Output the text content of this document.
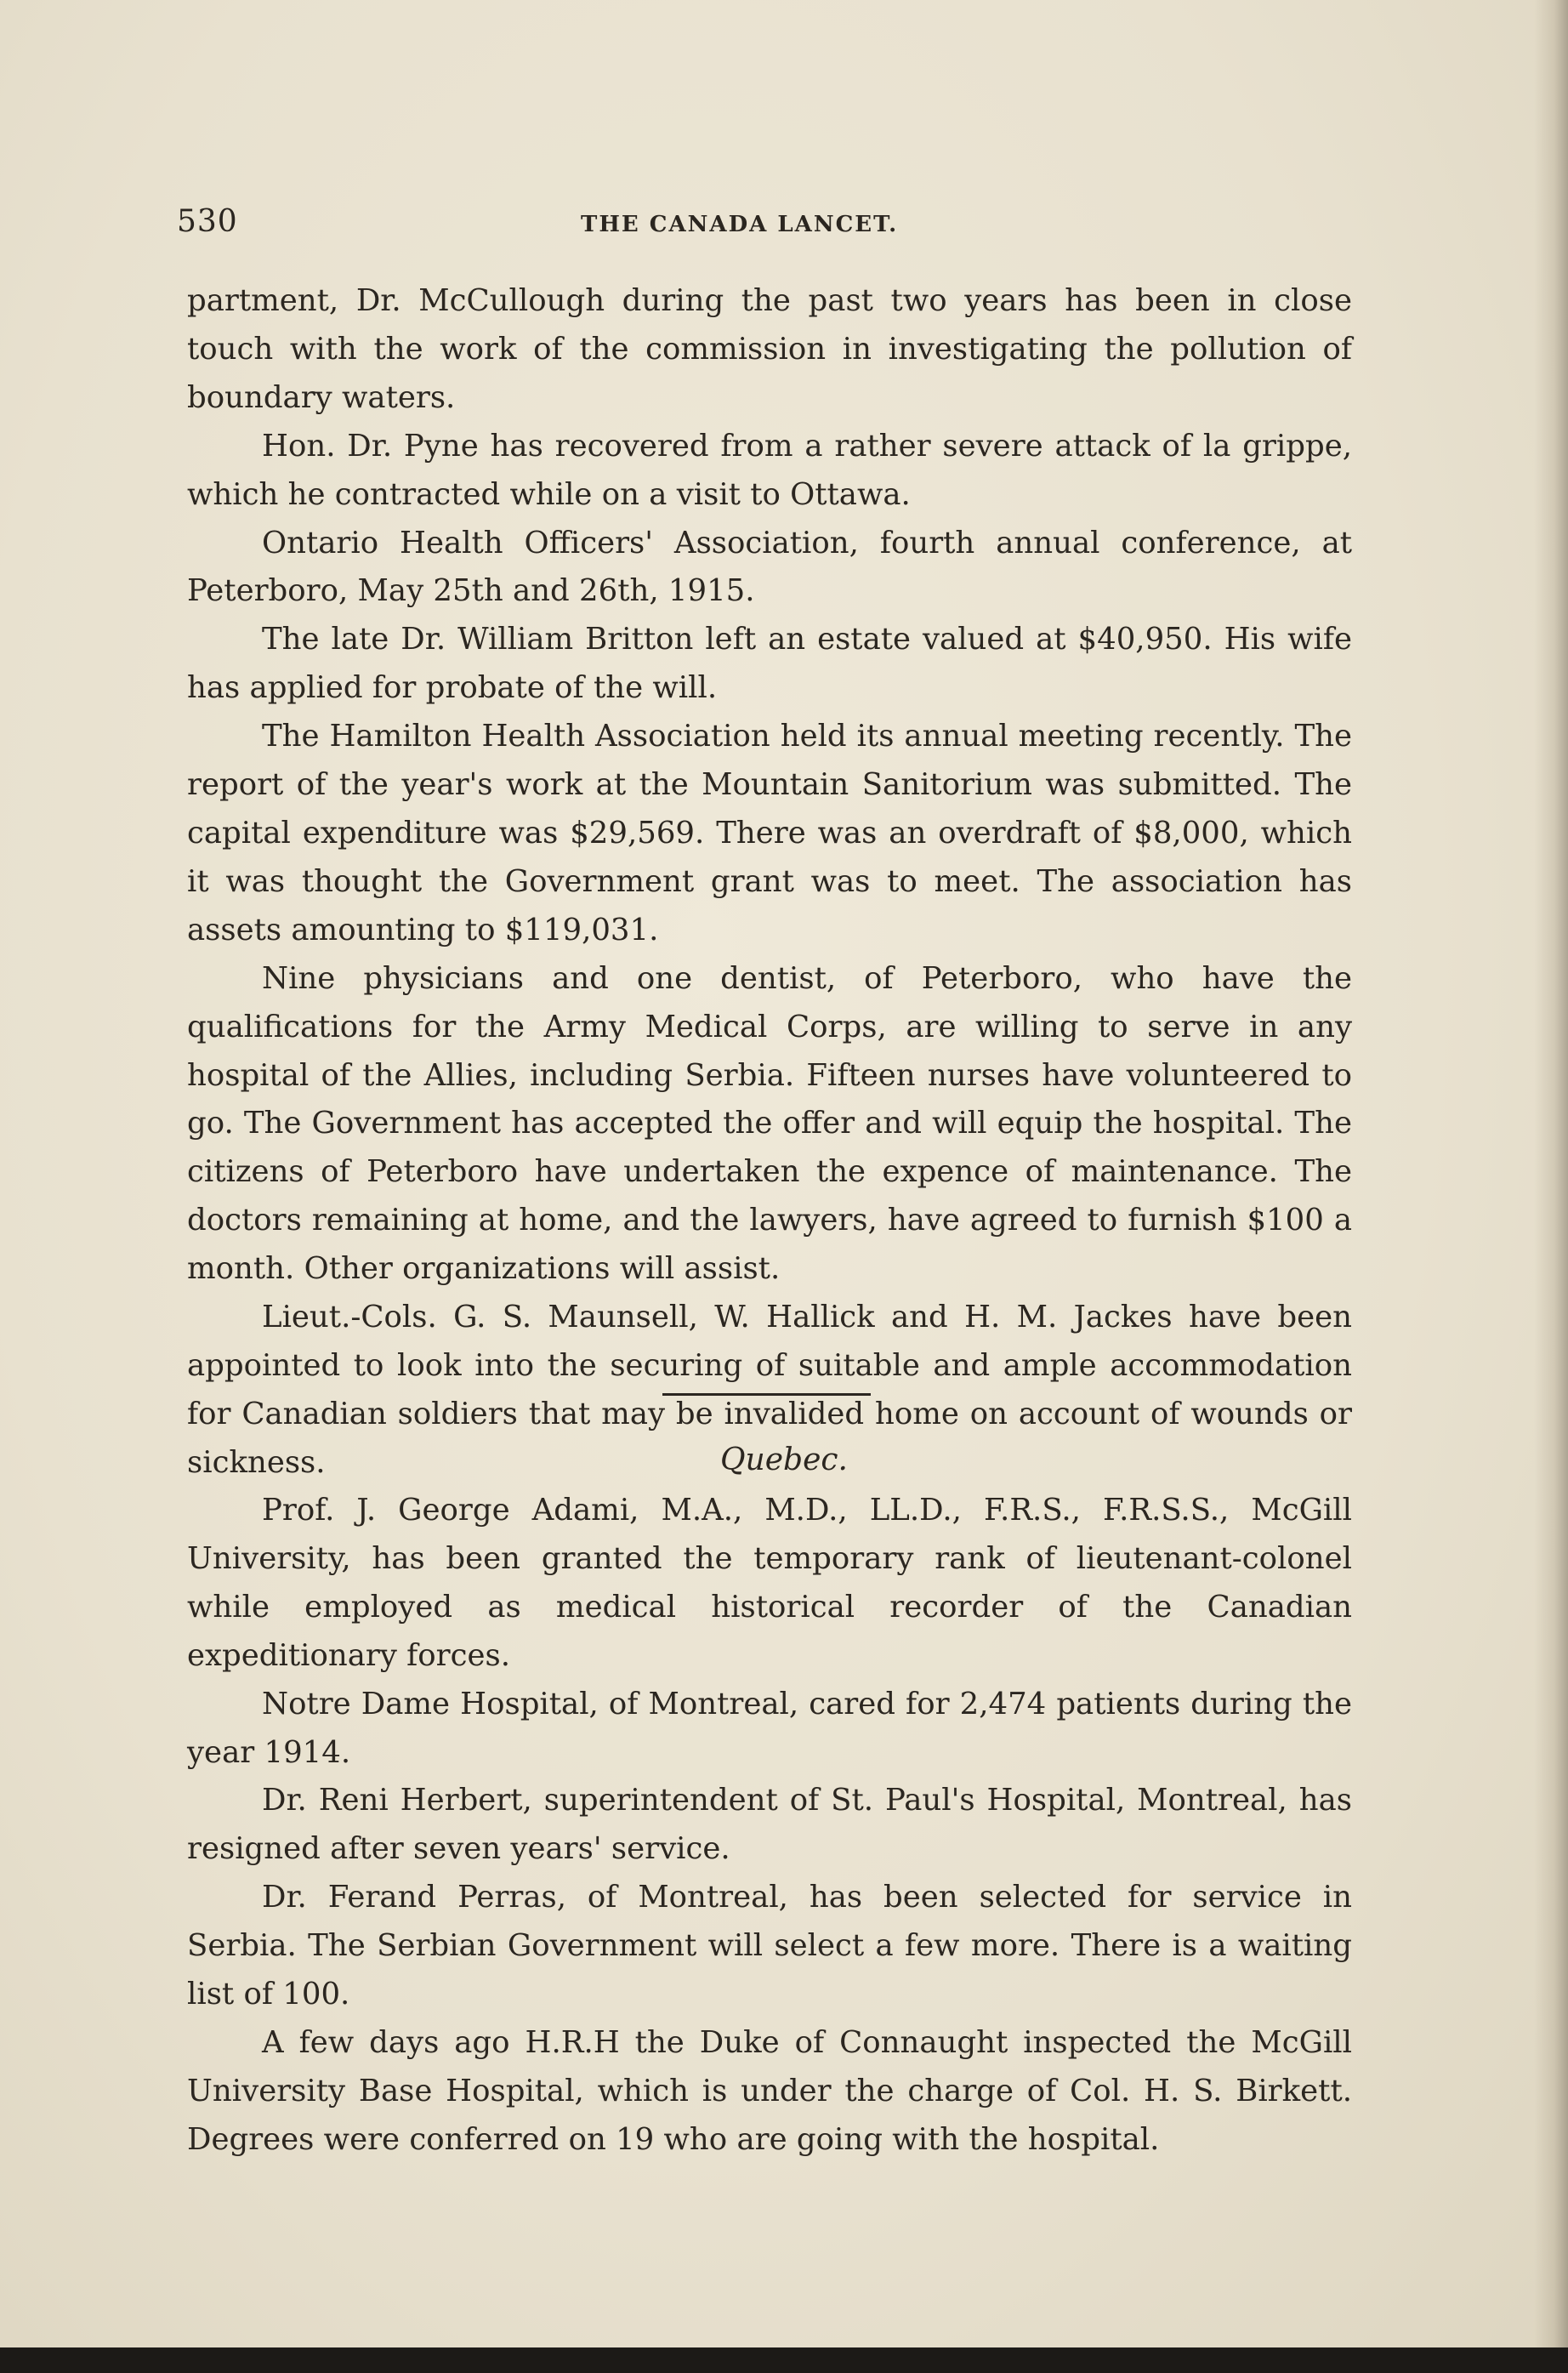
530	THE CANADA LANCET.

partment, Dr. McCullough during the past two years has been in close touch with the work of the commission in investigating the pollution of boundary waters.

Hon. Dr. Pyne has recovered from a rather severe attack of la grippe, which he contracted while on a visit to Ottawa.

Ontario Health Officers' Association, fourth annual conference, at Peterboro, May 25th and 26th, 1915.

The late Dr. William Britton left an estate valued at $40,950. His wife has applied for probate of the will.

The Hamilton Health Association held its annual meeting recently. The report of the year's work at the Mountain Sanitorium was submitted. The capital expenditure was $29,569. There was an overdraft of $8,000, which it was thought the Government grant was to meet. The association has assets amounting to $119,031.

Nine physicians and one dentist, of Peterboro, who have the qualifications for the Army Medical Corps, are willing to serve in any hospital of the Allies, including Serbia. Fifteen nurses have volunteered to go. The Government has accepted the offer and will equip the hospital. The citizens of Peterboro have undertaken the expence of maintenance. The doctors remaining at home, and the lawyers, have agreed to furnish $100 a month. Other organizations will assist.

Lieut.-Cols. G. S. Maunsell, W. Hallick and H. M. Jackes have been appointed to look into the securing of suitable and ample accommodation for Canadian soldiers that may be invalided home on account of wounds or sickness.	Quebec.

Prof. J. George Adami, M.A., M.D., LL.D., F.R.S., F.R.S.S., McGill University, has been granted the temporary rank of lieutenant-colonel while employed as medical historical recorder of the Canadian expeditionary forces.

Notre Dame Hospital, of Montreal, cared for 2,474 patients during the year 1914.

Dr. Reni Herbert, superintendent of St. Paul's Hospital, Montreal, has resigned after seven years' service.

Dr. Ferand Perras, of Montreal, has been selected for service in Serbia. The Serbian Government will select a few more. There is a waiting list of 100.

A few days ago H.R.H the Duke of Connaught inspected the McGill University Base Hospital, which is under the charge of Col. H. S. Birkett. Degrees were conferred on 19 who are going with the hospital.
